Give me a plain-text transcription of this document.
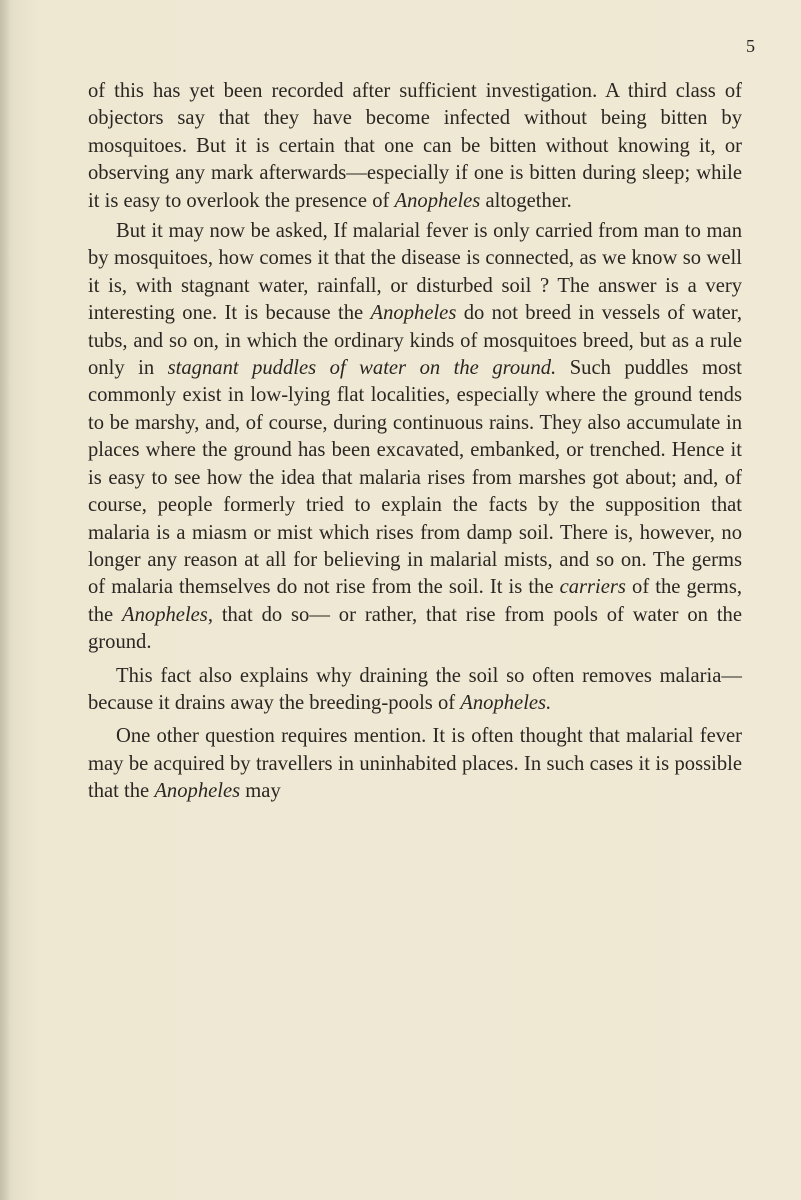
5

of this has yet been recorded after sufficient investigation. A third class of objectors say that they have become infected without being bitten by mosquitoes. But it is certain that one can be bitten without knowing it, or observing any mark afterwards—especially if one is bitten during sleep; while it is easy to overlook the presence of Anopheles altogether.

But it may now be asked, If malarial fever is only carried from man to man by mosquitoes, how comes it that the disease is connected, as we know so well it is, with stagnant water, rainfall, or disturbed soil ? The answer is a very interesting one. It is because the Anopheles do not breed in vessels of water, tubs, and so on, in which the ordinary kinds of mosquitoes breed, but as a rule only in stagnant puddles of water on the ground. Such puddles most commonly exist in low-lying flat localities, especially where the ground tends to be marshy, and, of course, during continuous rains. They also accumulate in places where the ground has been excavated, embanked, or trenched. Hence it is easy to see how the idea that malaria rises from marshes got about; and, of course, people formerly tried to explain the facts by the supposition that malaria is a miasm or mist which rises from damp soil. There is, however, no longer any reason at all for believing in malarial mists, and so on. The germs of malaria themselves do not rise from the soil. It is the carriers of the germs, the Anopheles, that do so— or rather, that rise from pools of water on the ground.

This fact also explains why draining the soil so often removes malaria—because it drains away the breeding-pools of Anopheles.

One other question requires mention. It is often thought that malarial fever may be acquired by travellers in uninhabited places. In such cases it is possible that the Anopheles may
